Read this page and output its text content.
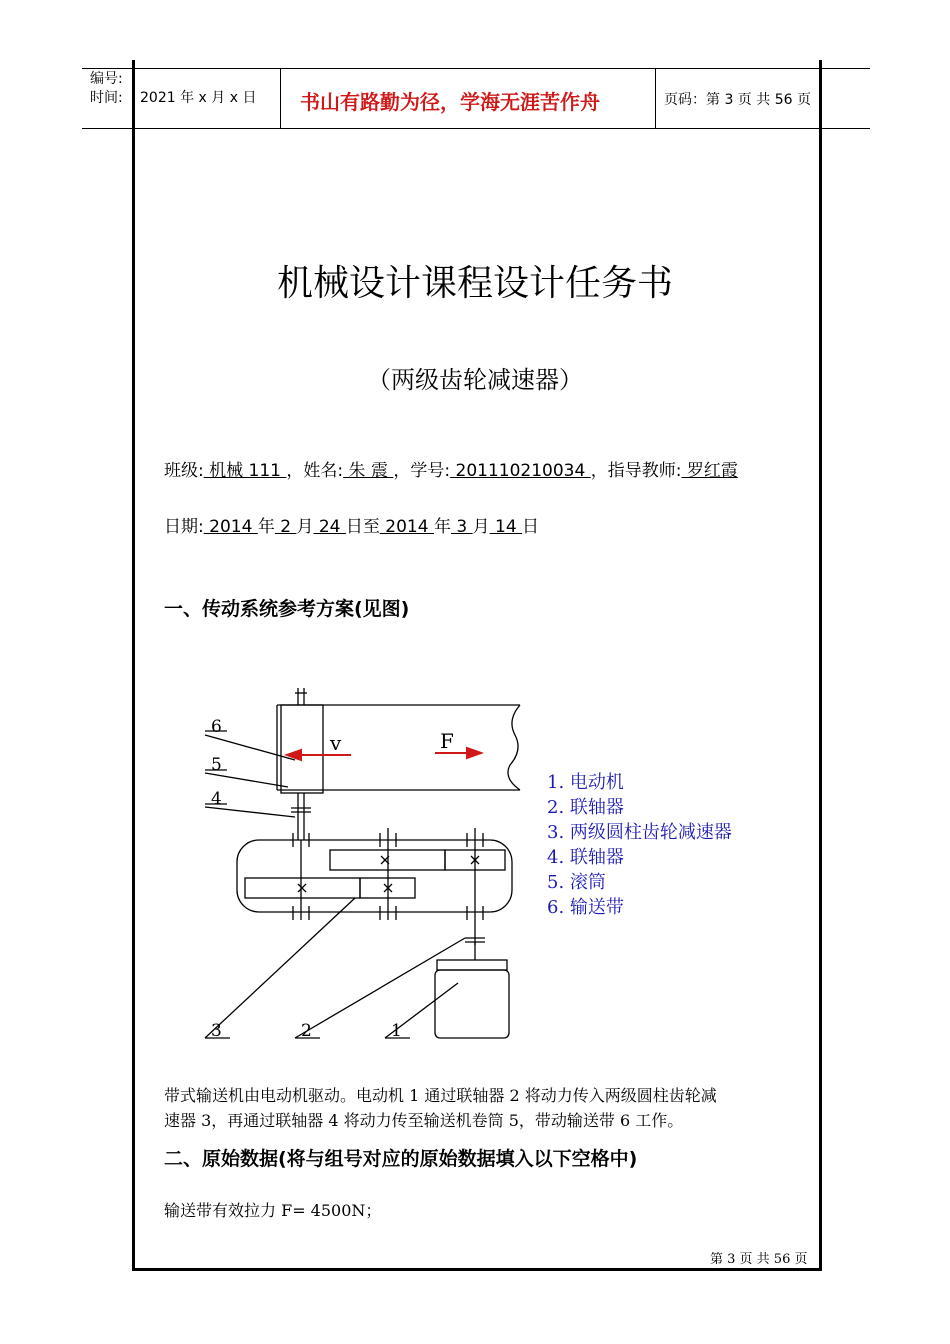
编号:
时间: 2021 年 x 月 x 日 书山有路勤为径，学海无涯苦作舟	页码：第 3 页 共 56 页
机械设计课程设计任务书
（两级齿轮减速器）
班级: 机械 111 ，姓名: 朱 震 ，学号: 201110210034 ，指导教师: 罗红霞
日期: 2014 年 2 月 24 日至 2014 年 3 月 14 日
一、传动系统参考方案(见图)
v	F
6
5
4
3	2	1
1. 电动机
2. 联轴器
3. 两级圆柱齿轮减速器
4. 联轴器
5. 滚筒
6. 输送带
带式输送机由电动机驱动。电动机 1 通过联轴器 2 将动力传入两级圆柱齿轮减
速器 3，再通过联轴器 4 将动力传至输送机卷筒 5，带动输送带 6 工作。
二、原始数据(将与组号对应的原始数据填入以下空格中)
输送带有效拉力 F= 4500N；
第 3 页 共 56 页
